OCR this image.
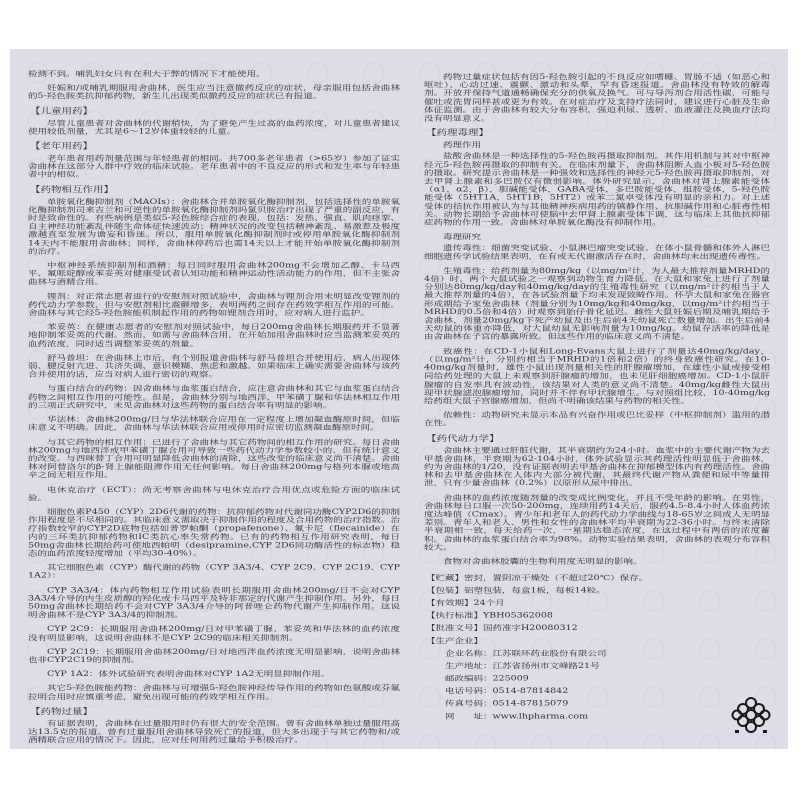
检测不到。哺乳妇女只有在利大于弊的情况下才能使用。
妊娠和/或哺乳期服用舍曲林，医生应当注意撤药反应的症状，母亲服用包括舍曲林的5-羟色胺类抗抑郁药物，新生儿出现类似撤药反应的症状已有报道。
【儿童用药】
尽管儿童患者对舍曲林的代谢稍快，为了避免产生过高的血药浓度，对儿童患者建议使用较低剂量，尤其是6～12岁体重较轻的儿童。
【老年用药】
老年患者用药剂量范围与年轻患者的相同。共700多老年患者（>65岁）参加了证实舍曲林在这部分人群中疗效的临床试验。老年患者中的不良反应的形式和发生率与年轻患者中的相似。
【药物相互作用】
单胺氧化酶抑制剂（MAOIs）：舍曲林合并单胺氧化酶抑制剂，包括选择性的单胺氧化酶抑制剂司来吉兰和可逆性的单胺氧化酶抑制剂吗氯贝胺治疗出现了严重的副反应，有时是致命性的。有些病例是类似5-羟色胺综合症的表现，包括：发热、强直、肌肉痉挛、自主神经功能紊乱伴随生命体征快速波动；精神状况的改变包括精神紊乱、易激惹及极度激越直至发展为谵妄和昏迷。所以，服用单胺氧化酶抑制剂时或停用单胺氧化酶抑制剂14天内不能服用舍曲林；同样，舍曲林停药后也需14天以上才能开始单胺氧化酶抑制剂的治疗。
中枢神经系统抑制剂和酒精：每日同时服用舍曲林200mg不会增加乙醇、卡马西平、氟哌啶醇或苯妥英对健康受试者认知功能和精神运动性活动能力的作用，但不主张舍曲林与酒精合用。
锂剂：对正常志愿者进行的安慰剂对照试验中，舍曲林与锂剂合用未明显改变锂剂的药代动力学参数，但与安慰剂相比震颤增多，表明两药之间存在药效学相互作用的可能。舍曲林与其它经5-羟色胺能机制起作用的药物如锂剂合用时，应对病人进行监护。
苯妥英：在健康志愿者的安慰剂对照试验中，每日200mg舍曲林长期服药并不显著地抑制苯妥英的代谢。然而，如需与舍曲林合用，在开始加用舍曲林时应当监测苯妥英的血药浓度，同时适当调整苯妥英的剂量。
舒马普坦：在舍曲林上市后，有个别报道舍曲林与舒马普坦合并使用后，病人出现体弱、腱反射亢进、共济失调、意识模糊、焦虑和激越。如果临床上确实需要舍曲林与该药合并使用的话，应当对病人进行密切的观察。
与蛋白结合的药物：因舍曲林与血浆蛋白结合，应注意舍曲林和其它与血浆蛋白结合药物之间相互作用的可能性。但是，舍曲林分别与地西泮、甲苯磺丁脲和华法林相互作用的三项正式研究中，未见舍曲林对这些药物的蛋白结合率有明显的影响。
华法林：舍曲林200mg/日与华法林联合应用在一定程度上增加凝血酶原时间，但临床意义不明确。因此，舍曲林与华法林联合应用或停用时应密切监测凝血酶原时间。
与其它药物的相互作用：已进行了舍曲林与其它药物间的相互作用的研究。每日舍曲林200mg与地西泮或甲苯磺丁脲合用可导致一些药代动力学参数较小的、但有统计意义的改变。与西咪替丁合用可明显降低舍曲林的清除，这些改变的临床意义尚不清楚。舍曲林对阿替洛尔的β-肾上腺能阻滞作用无任何影响。每日舍曲林200mg与格列本脲或地高辛之间无相互作用。
电休克治疗（ECT）：尚无考察舍曲林与电休克治疗合用优点或危险方面的临床试验。
细胞色素P450（CYP）2D6代谢的药物：抗抑郁药物对代谢同功酶CYP2D6的抑制作用程度是不尽相同的。其临床意义需取决于抑制作用的程度及合用药物的治疗指数。治疗指数较窄的CYP2D底物包括如普罗帕酮（propafenone）、氟卡尼（flecainide）在内的三环类抗抑郁药物和IC类抗心率失常药物。已有的药物相互作用研究表明，每日50mg舍曲林长期给药可使地西帕明（desipramine,CYP 2D6同功酶活性的标志物）稳态的血药浓度轻度增加（平均30-40%）。
其它细胞色素（CYP）酶代谢的药物（CYP 3A3/4、CYP 2C9、CYP 2C19、CYP 1A2）：
CYP 3A3/4：体内药物相互作用试验表明长期服用舍曲林200mg/日不会对CYP 3A3/4介导的内生皮质醇的羟化或卡马西平及特非那定的代谢产生抑制作用。另外，每日50mg舍曲林长期给药不会对CYP 3A3/4介导的阿普唑仑药物代谢产生抑制作用。这说明舍曲林不是CYP 3A3/4的抑制剂。
CYP 2C9：长期服用舍曲林200mg/日对甲苯磺丁脲、苯妥英和华法林的血药浓度没有明显影响，这说明舍曲林不是CYP 2C9的临床相关抑制剂。
CYP 2C19：长期服用舍曲林200mg/日对地西泮血药浓度无明显影响，说明舍曲林也非CYP2C19的抑制剂。
CYP 1A2：体外试验研究表明舍曲林对CYP 1A2无明显抑制作用。
其它5-羟色胺能药物：舍曲林与可增强5-羟色胺神经传导作用的药物如色氨酸或芬氟拉明合用时应慎重考虑，避免出现可能的药效学相互作用。
【药物过量】
有证据表明，舍曲林在过量服用时仍有很大的安全范围。曾有舍曲林单独过量服用高达13.5克的报道。曾有过量服用舍曲林导致死亡的报道，但大多出现于与其它药物和/或酒精联合应用的情况下。因此，应对任何用药过量给予积极治疗。
药物过量症状包括有因5-羟色胺引起的不良反应如嗜睡、胃肠不适（如恶心和呕吐）、心动过速、震颤、激动和头晕，罕有昏迷报道。舍曲林没有特效的解毒剂。开放并保持气道通畅确保充分的供氧及换气。可与导泻剂合用活性碳，可能与催吐或洗胃同样甚或更为有效。在对症治疗及支持疗法同时，建议进行心脏及生命体征监测。由于舍曲林有较大分布容积，强迫利尿、透析、血液灌注及换血疗法均没有明显意义。
【药理毒理】
药理作用
盐酸舍曲林是一种选择性的5-羟色胺再摄取抑制剂。其作用机制与其对中枢神经元5-羟色胺再摄取的抑制有关。在临床剂量下，舍曲林阻断人血小板对5-羟色胺的摄取。研究提示舍曲林是一种强效和选择性的神经元5-羟色胺再摄取抑制剂，对去甲肾上腺素和多巴胺仅有微弱影响。体外研究显示，舍曲林对肾上腺素能受体（α1，α2，β），胆碱能受体，GABA受体，多巴胺能受体，组胺受体，5-羟色胺能受体（5HT1A，5HT1B，5HT2）或苯二氮卓受体没有明显的亲和力。对上述受体的拮抗作用被认为与其他精神疾病用药的镇静作用、抗胆碱作用和心脏毒性相关。动物长期给予舍曲林可使脑中去甲肾上腺素受体下调，这与临床上其他抗抑郁症药物的作用一致。舍曲林对单胺氧化酶没有抑制作用。
毒理研究
遗传毒性：细菌突变试验、小鼠淋巴瘤突变试验、在体小鼠骨髓和体外人淋巴细胞遗传学试验结果表明，在有或无代谢激活存在时，舍曲林均未出现遗传毒性。
生殖毒性：给药剂量为80mg/kg（以mg/m²计，为人最大推荐剂量MRHD的4倍）时，两个大鼠试验之一观察到动物生育力降低。在大鼠和家兔上进行了剂量分别达80mg/kg/day和40mg/kg/day的生殖毒性研究（以mg/m²计约相当于人最大推荐剂量的4倍），在各试验剂量下均未发现致畸作用。怀孕大鼠和家兔在器官形成期给予家兔舍曲林（剂量分别为10mg/kg和40mg/kg，以mg/m²计约相当于MRHD的0.5倍和4倍）时观察到胎仔骨化延迟。雌性大鼠妊娠后期及哺乳期给予舍曲林，剂量20mg/kg下死产幼鼠及出生后前4天幼鼠死亡数量增加。出生后前4天幼鼠的体重亦降低，对大鼠幼鼠无影响剂量为10mg/kg。幼鼠存活率的降低是由舍曲林在子宫的暴露所致。但这些作用的临床意义尚不清楚。
致癌性：在CD-1小鼠和Long-Evans大鼠上进行了剂量达40mg/kg/day，（以mg/m²计，分别约相当于MRHD的1倍和2倍）的终身致癌性研究。在10-40mg/kg剂量时，雄性小鼠出现剂量相关性的肝腺瘤增加，在雄性小鼠或接受相同给药处理的大鼠上未观察到肝腺瘤的增加，也未见肝细胞癌增加。CD-1小鼠肝腺瘤的自发率具有波动性，该结果对人类的意义尚不清楚。40mg/kg雌性大鼠出现甲状腺滤泡腺瘤增加，同时并不伴有甲状腺增生。与对照组比较，10-40mg/kg给药组大鼠子宫腺癌增加，但尚不明确该结果与药物的相关性。
依赖性：动物研究未显示本品有兴奋作用或巴比妥样（中枢抑制剂）滥用的潜在性。
【药代动力学】
舍曲林主要通过肝脏代谢，其半衰期约为24小时。血浆中的主要代谢产物为去甲基舍曲林，半衰期为62-104小时，体外试验显示其药理活性明显低于舍曲林，约为舍曲林的1/20，没有证据表明去甲基舍曲林在抑郁模型体内有药理活性。舍曲林和去甲基舍曲林在人体内大部分被代谢，其最终代谢产物从粪便和尿中等量排泄，只有少量舍曲林（0.2%）以原形从尿中排出。
舍曲林的血药浓度随剂量的改变成比例变化，并且不受年龄的影响。在男性，舍曲林每日口服一次50-200mg，连续用药14天后，服药4.5-8.4小时人体血药浓度达峰值（Cmax）。青少年和老年人的药代动力学曲线与18-65岁之间成人无明显差别。青年人和老人、男性和女性的舍曲林平均半衰期为22-36小时。与终末清除半衰期相一致，每天给药一次，一星期达稳态浓度，在这过程中有两倍的浓度蓄积。舍曲林的血浆蛋白结合率为98%。动物实验结果表明，舍曲林的表观分布容积较大。
食物对舍曲林胶囊的生物利用度无明显的影响。
【贮藏】密封，置阴凉干燥处（不超过20℃）保存。
【包装】铝塑包装，每盒1板，每板14粒。
【有效期】24个月
【执行标准】YBH05362008
【批准文号】国药准字H20080312
【生产企业】
企业名称：江苏联环药业股份有限公司
生产地址：江苏省扬州市文峰路21号
邮政编码：225009
电话号码：0514-87814842
传真号码：0514-87815079
网　　址：www.lhpharma.com
